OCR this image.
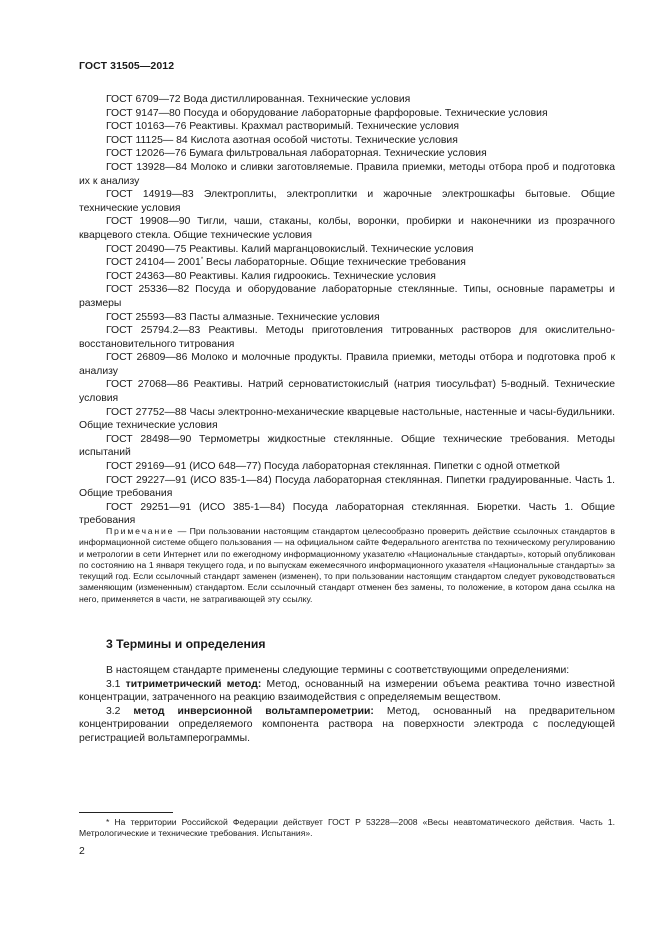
ГОСТ 31505—2012

ГОСТ 6709—72 Вода дистиллированная. Технические условия

ГОСТ 9147—80 Посуда и оборудование лабораторные фарфоровые. Технические условия

ГОСТ 10163—76 Реактивы. Крахмал растворимый. Технические условия

ГОСТ 11125— 84 Кислота азотная особой чистоты. Технические условия

ГОСТ 12026—76 Бумага фильтровальная лабораторная. Технические условия

ГОСТ 13928—84 Молоко и сливки заготовляемые. Правила приемки, методы отбора проб и подготовка их к анализу

ГОСТ 14919—83 Электроплиты, электроплитки и жарочные электрошкафы бытовые. Общие технические условия

ГОСТ 19908—90 Тигли, чаши, стаканы, колбы, воронки, пробирки и наконечники из прозрачного кварцевого стекла. Общие технические условия

ГОСТ 20490—75 Реактивы. Калий марганцовокислый. Технические условия

ГОСТ 24104— 2001* Весы лабораторные. Общие технические требования

ГОСТ 24363—80 Реактивы. Калия гидроокись. Технические условия

ГОСТ 25336—82 Посуда и оборудование лабораторные стеклянные. Типы, основные параметры и размеры

ГОСТ 25593—83 Пасты алмазные. Технические условия

ГОСТ 25794.2—83 Реактивы. Методы приготовления титрованных растворов для окислительно-восстановительного титрования

ГОСТ 26809—86 Молоко и молочные продукты. Правила приемки, методы отбора и подготовка проб к анализу

ГОСТ 27068—86 Реактивы. Натрий серноватистокислый (натрия тиосульфат) 5-водный. Технические условия

ГОСТ 27752—88 Часы электронно-механические кварцевые настольные, настенные и часы-будильники. Общие технические условия

ГОСТ 28498—90 Термометры жидкостные стеклянные. Общие технические требования. Методы испытаний

ГОСТ 29169—91 (ИСО 648—77) Посуда лабораторная стеклянная. Пипетки с одной отметкой

ГОСТ 29227—91 (ИСО 835-1—84) Посуда лабораторная стеклянная. Пипетки градуированные. Часть 1. Общие требования

ГОСТ 29251—91 (ИСО 385-1—84) Посуда лабораторная стеклянная. Бюретки. Часть 1. Общие требования

Примечание — При пользовании настоящим стандартом целесообразно проверить действие ссылочных стандартов в информационной системе общего пользования — на официальном сайте Федерального агентства по техническому регулированию и метрологии в сети Интернет или по ежегодному информационному указателю «Национальные стандарты», который опубликован по состоянию на 1 января текущего года, и по выпускам ежемесячного информационного указателя «Национальные стандарты» за текущий год. Если ссылочный стандарт заменен (изменен), то при пользовании настоящим стандартом следует руководствоваться заменяющим (измененным) стандартом. Если ссылочный стандарт отменен без замены, то положение, в котором дана ссылка на него, применяется в части, не затрагивающей эту ссылку.

3 Термины и определения

В настоящем стандарте применены следующие термины с соответствующими определениями:

3.1 титриметрический метод: Метод, основанный на измерении объема реактива точно известной концентрации, затраченного на реакцию взаимодействия с определяемым веществом.

3.2 метод инверсионной вольтамперометрии: Метод, основанный на предварительном концентрировании определяемого компонента раствора на поверхности электрода с последующей регистрацией вольтамперограммы.

* На территории Российской Федерации действует ГОСТ Р 53228—2008 «Весы неавтоматического действия. Часть 1. Метрологические и технические требования. Испытания».

2
